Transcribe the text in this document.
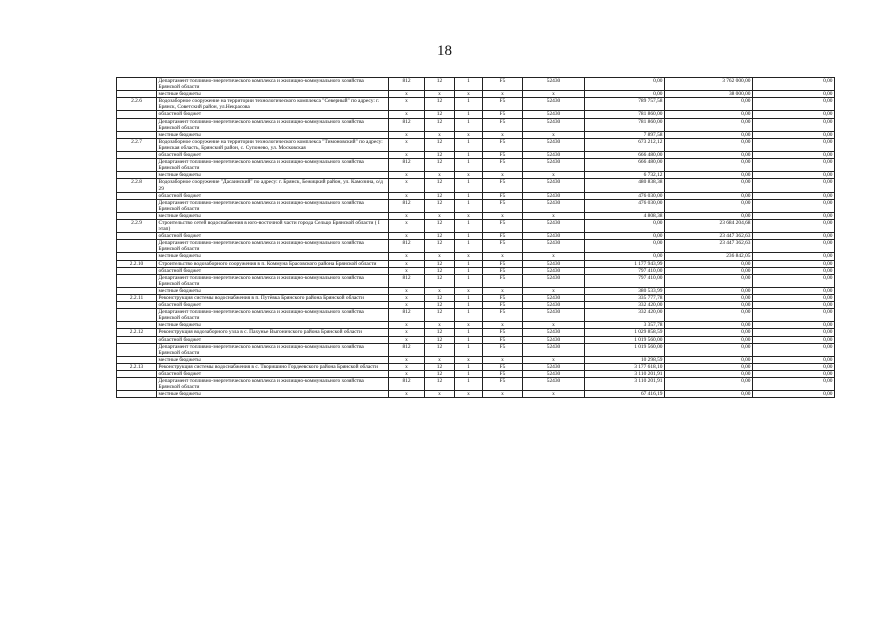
18
	Департамент топливно-энергетического комплекса и жилищно-коммунального хозяйства Брянской области	812	12	1	F5	52430	0,00	3 762 000,00	0,00
	местные бюджеты	x	x	x	x	x	0,00	38 000,00	0,00
2.2.6	Водозаборное сооружение на территории технологического комплекса "Северный" по адресу: г. Брянск, Советский район, ул.Некрасова	x	12	1	F5	52430	789 757,58	0,00	0,00
	областной бюджет	x	12	1	F5	52430	781 860,00	0,00	0,00
	Департамент топливно-энергетического комплекса и жилищно-коммунального хозяйства Брянской области	812	12	1	F5	52430	781 860,00	0,00	0,00
	местные бюджеты	x	x	x	x	x	7 897,58	0,00	0,00
2.2.7	Водозаборное сооружение на территории технологического комплекса "Тимоновский" по адресу: Брянская область, Брянский район, с. Супонево, ул. Московская	x	12	1	F5	52430	673 212,12	0,00	0,00
	областной бюджет	x	12	1	F5	52430	666 480,00	0,00	0,00
	Департамент топливно-энергетического комплекса и жилищно-коммунального хозяйства Брянской области	812	12	1	F5	52430	666 480,00	0,00	0,00
	местные бюджеты	x	x	x	x	x	6 732,12	0,00	0,00
2.2.8	Водозаборное сооружение "Дасаинский" по адресу: г. Брянск, Бежицкий район, ул. Камозина, о/д 29	x	12	1	F5	52430	480 838,38	0,00	0,00
	областной бюджет	x	12	1	F5	52430	476 030,00	0,00	0,00
	Департамент топливно-энергетического комплекса и жилищно-коммунального хозяйства Брянской области	812	12	1	F5	52430	476 030,00	0,00	0,00
	местные бюджеты	x	x	x	x	x	4 808,38	0,00	0,00
2.2.9	Строительство сетей водоснабжения в юго-восточной части города Сельцо Брянской области ( I этап)	x	12	1	F5	52430	0,00	23 684 204,68	0,00
	областной бюджет	x	12	1	F5	52430	0,00	23 447 362,63	0,00
	Департамент топливно-энергетического комплекса и жилищно-коммунального хозяйства Брянской области	812	12	1	F5	52430	0,00	23 447 362,63	0,00
	местные бюджеты	x	x	x	x	x	0,00	236 842,05	0,00
2.2.10	Строительство водозаборного сооружения в п. Коммуна Брасовского района Брянской области	x	12	1	F5	52430	1 177 943,99	0,00	0,00
	областной бюджет	x	12	1	F5	52430	797 410,00	0,00	0,00
	Департамент топливно-энергетического комплекса и жилищно-коммунального хозяйства Брянской области	812	12	1	F5	52430	797 410,00	0,00	0,00
	местные бюджеты	x	x	x	x	x	380 533,99	0,00	0,00
2.2.11	Реконструкция системы водоснабжения в п. Путёвка Брянского района Брянской области	x	12	1	F5	52430	335 777,78	0,00	0,00
	областной бюджет	x	12	1	F5	52430	332 420,00	0,00	0,00
	Департамент топливно-энергетического комплекса и жилищно-коммунального хозяйства Брянской области	812	12	1	F5	52430	332 420,00	0,00	0,00
	местные бюджеты	x	x	x	x	x	3 357,78	0,00	0,00
2.2.12	Реконструкция водозаборного узла в с. Пахунье Выгоничского района Брянской области	x	12	1	F5	52430	1 029 858,59	0,00	0,00
	областной бюджет	x	12	1	F5	52430	1 019 560,00	0,00	0,00
	Департамент топливно-энергетического комплекса и жилищно-коммунального хозяйства Брянской области	812	12	1	F5	52430	1 019 560,00	0,00	0,00
	местные бюджеты	x	x	x	x	x	10 298,59	0,00	0,00
2.2.13	Реконструкция системы водоснабжения в с. Творишино Гордеевского района Брянской области	x	12	1	F5	52430	3 177 618,10	0,00	0,00
	областной бюджет	x	12	1	F5	52430	3 110 201,91	0,00	0,00
	Департамент топливно-энергетического комплекса и жилищно-коммунального хозяйства Брянской области	812	12	1	F5	52430	3 110 201,91	0,00	0,00
	местные бюджеты	x	x	x	x	x	67 416,19	0,00	0,00
